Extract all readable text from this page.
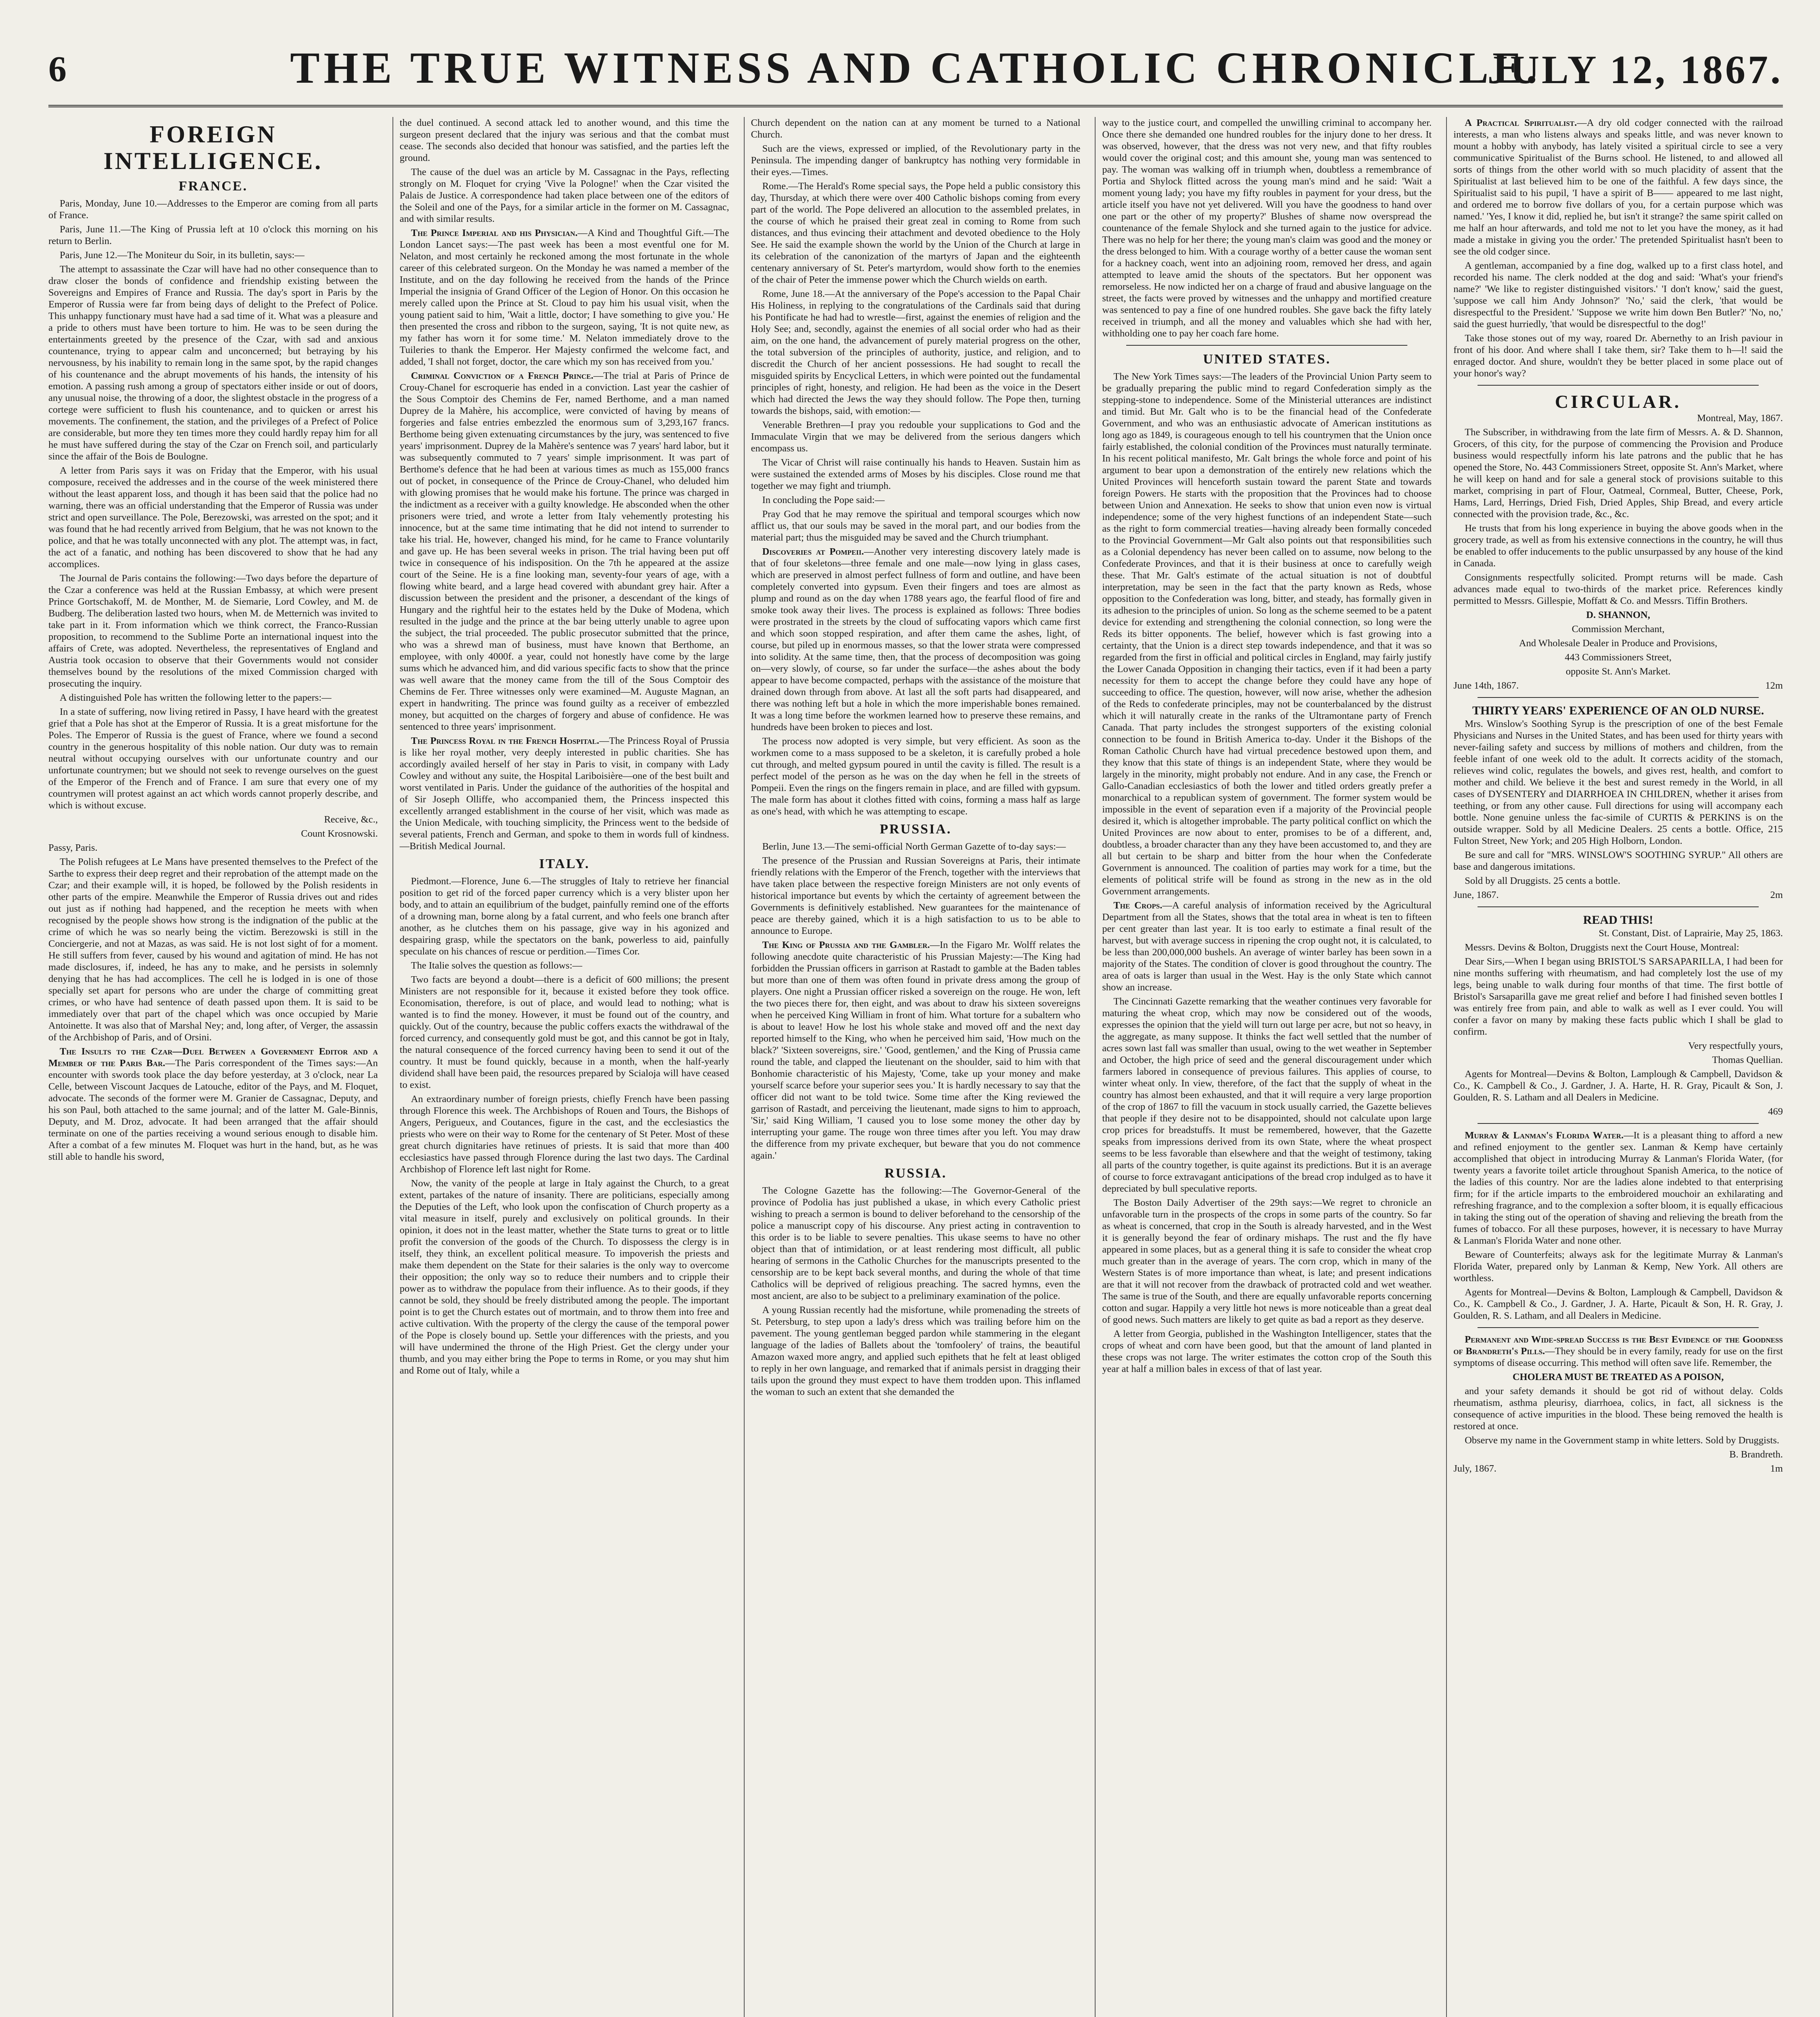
6	THE TRUE WITNESS AND CATHOLIC CHRONICLE.
JULY 12, 1867.
FOREIGN INTELLIGENCE.
FRANCE.

Paris, Monday, June 10.—Addresses to the Emperor are coming from all parts of France.

Paris, June 11.—The King of Prussia left at 10 o'clock this morning on his return to Berlin.

Paris, June 12.—The Moniteur du Soir, in its bulletin, says:—

The attempt to assassinate the Czar will have had no other consequence than to draw closer the bonds of confidence and friendship existing between the Sovereigns and Empires of France and Russia. The day's sport in Paris by the Emperor of Russia were far from being days of delight to the Prefect of Police. This unhappy functionary must have had a sad time of it. What was a pleasure and a pride to others must have been torture to him. He was to be seen during the entertainments greeted by the presence of the Czar, with sad and anxious countenance, trying to appear calm and unconcerned; but betraying by his nervousness, by his inability to remain long in the same spot, by the rapid changes of his countenance and the abrupt movements of his hands, the intensity of his emotion. A passing rush among a group of spectators either inside or out of doors, any unusual noise, the throwing of a door, the slightest obstacle in the progress of a cortege were sufficient to flush his countenance, and to quicken or arrest his movements. The confinement, the station, and the privileges of a Prefect of Police are considerable, but more they ten times more they could hardly repay him for all he must have suffered during the stay of the Czar on French soil, and particularly since the affair of the Bois de Boulogne.

A letter from Paris says it was on Friday that the Emperor, with his usual composure, received the addresses and in the course of the week ministered there without the least apparent loss, and though it has been said that the police had no warning, there was an official understanding that the Emperor of Russia was under strict and open surveillance. The Pole, Berezowski, was arrested on the spot; and it was found that he had recently arrived from Belgium, that he was not known to the police, and that he was totally unconnected with any plot. The attempt was, in fact, the act of a fanatic, and nothing has been discovered to show that he had any accomplices.

The Journal de Paris contains the following:—Two days before the departure of the Czar a conference was held at the Russian Embassy, at which were present Prince Gortschakoff, M. de Monther, M. de Siemarie, Lord Cowley, and M. de Budberg. The deliberation lasted two hours, when M. de Metternich was invited to take part in it. From information which we think correct, the Franco-Russian proposition, to recommend to the Sublime Porte an international inquest into the affairs of Crete, was adopted. Nevertheless, the representatives of England and Austria took occasion to observe that their Governments would not consider themselves bound by the resolutions of the mixed Commission charged with prosecuting the inquiry.

A distinguished Pole has written the following letter to the papers:—

In a state of suffering, now living retired in Passy, I have heard with the greatest grief that a Pole has shot at the Emperor of Russia. It is a great misfortune for the Poles. The Emperor of Russia is the guest of France, where we found a second country in the generous hospitality of this noble nation. Our duty was to remain neutral without occupying ourselves with our unfortunate country and our unfortunate countrymen; but we should not seek to revenge ourselves on the guest of the Emperor of the French and of France. I am sure that every one of my countrymen will protest against an act which words cannot properly describe, and which is without excuse.

Receive, &c.,

Count Krosnowski.

Passy, Paris.

The Polish refugees at Le Mans have presented themselves to the Prefect of the Sarthe to express their deep regret and their reprobation of the attempt made on the Czar; and their example will, it is hoped, be followed by the Polish residents in other parts of the empire. Meanwhile the Emperor of Russia drives out and rides out just as if nothing had happened, and the reception he meets with when recognised by the people shows how strong is the indignation of the public at the crime of which he was so nearly being the victim. Berezowski is still in the Conciergerie, and not at Mazas, as was said. He is not lost sight of for a moment. He still suffers from fever, caused by his wound and agitation of mind. He has not made disclosures, if, indeed, he has any to make, and he persists in solemnly denying that he has had accomplices. The cell he is lodged in is one of those specially set apart for persons who are under the charge of committing great crimes, or who have had sentence of death passed upon them. It is said to be immediately over that part of the chapel which was once occupied by Marie Antoinette. It was also that of Marshal Ney; and, long after, of Verger, the assassin of the Archbishop of Paris, and of Orsini.

The Insults to the Czar—Duel Between a Government Editor and a Member of the Paris Bar.—The Paris correspondent of the Times says:—An encounter with swords took place the day before yesterday, at 3 o'clock, near La Celle, between Viscount Jacques de Latouche, editor of the Pays, and M. Floquet, advocate. The seconds of the former were M. Granier de Cassagnac, Deputy, and his son Paul, both attached to the same journal; and of the latter M. Gale-Binnis, Deputy, and M. Droz, advocate. It had been arranged that the affair should terminate on one of the parties receiving a wound serious enough to disable him. After a combat of a few minutes M. Floquet was hurt in the hand, but, as he was still able to handle his sword,

the duel continued. A second attack led to another wound, and this time the surgeon present declared that the injury was serious and that the combat must cease. The seconds also decided that honour was satisfied, and the parties left the ground.

The cause of the duel was an article by M. Cassagnac in the Pays, reflecting strongly on M. Floquet for crying 'Vive la Pologne!' when the Czar visited the Palais de Justice. A correspondence had taken place between one of the editors of the Soleil and one of the Pays, for a similar article in the former on M. Cassagnac, and with similar results.

The Prince Imperial and his Physician.—A Kind and Thoughtful Gift.—The London Lancet says:—The past week has been a most eventful one for M. Nelaton, and most certainly he reckoned among the most fortunate in the whole career of this celebrated surgeon. On the Monday he was named a member of the Institute, and on the day following he received from the hands of the Prince Imperial the insignia of Grand Officer of the Legion of Honor. On this occasion he merely called upon the Prince at St. Cloud to pay him his usual visit, when the young patient said to him, 'Wait a little, doctor; I have something to give you.' He then presented the cross and ribbon to the surgeon, saying, 'It is not quite new, as my father has worn it for some time.' M. Nelaton immediately drove to the Tuileries to thank the Emperor. Her Majesty confirmed the welcome fact, and added, 'I shall not forget, doctor, the care which my son has received from you.'

Criminal Conviction of a French Prince.—The trial at Paris of Prince de Crouy-Chanel for escroquerie has ended in a conviction. Last year the cashier of the Sous Comptoir des Chemins de Fer, named Berthome, and a man named Duprey de la Mahère, his accomplice, were convicted of having by means of forgeries and false entries embezzled the enormous sum of 3,293,167 francs. Berthome being given extenuating circumstances by the jury, was sentenced to five years' imprisonment. Duprey de la Mahère's sentence was 7 years' hard labor, but it was subsequently commuted to 7 years' simple imprisonment. It was part of Berthome's defence that he had been at various times as much as 155,000 francs out of pocket, in consequence of the Prince de Crouy-Chanel, who deluded him with glowing promises that he would make his fortune. The prince was charged in the indictment as a receiver with a guilty knowledge. He absconded when the other prisoners were tried, and wrote a letter from Italy vehemently protesting his innocence, but at the same time intimating that he did not intend to surrender to take his trial. He, however, changed his mind, for he came to France voluntarily and gave up. He has been several weeks in prison. The trial having been put off twice in consequence of his indisposition. On the 7th he appeared at the assize court of the Seine. He is a fine looking man, seventy-four years of age, with a flowing white beard, and a large head covered with abundant grey hair. After a discussion between the president and the prisoner, a descendant of the kings of Hungary and the rightful heir to the estates held by the Duke of Modena, which resulted in the judge and the prince at the bar being utterly unable to agree upon the subject, the trial proceeded. The public prosecutor submitted that the prince, who was a shrewd man of business, must have known that Berthome, an employee, with only 4000f. a year, could not honestly have come by the large sums which he advanced him, and did various specific facts to show that the prince was well aware that the money came from the till of the Sous Comptoir des Chemins de Fer. Three witnesses only were examined—M. Auguste Magnan, an expert in handwriting. The prince was found guilty as a receiver of embezzled money, but acquitted on the charges of forgery and abuse of confidence. He was sentenced to three years' imprisonment.

The Princess Royal in the French Hospital.—The Princess Royal of Prussia is like her royal mother, very deeply interested in public charities. She has accordingly availed herself of her stay in Paris to visit, in company with Lady Cowley and without any suite, the Hospital Lariboisière—one of the best built and worst ventilated in Paris. Under the guidance of the authorities of the hospital and of Sir Joseph Olliffe, who accompanied them, the Princess inspected this excellently arranged establishment in the course of her visit, which was made as the Union Medicale, with touching simplicity, the Princess went to the bedside of several patients, French and German, and spoke to them in words full of kindness.—British Medical Journal.

ITALY.

Piedmont.—Florence, June 6.—The struggles of Italy to retrieve her financial position to get rid of the forced paper currency which is a very blister upon her body, and to attain an equilibrium of the budget, painfully remind one of the efforts of a drowning man, borne along by a fatal current, and who feels one branch after another, as he clutches them on his passage, give way in his agonized and despairing grasp, while the spectators on the bank, powerless to aid, painfully speculate on his chances of rescue or perdition.—Times Cor.

The Italie solves the question as follows:—

Two facts are beyond a doubt—there is a deficit of 600 millions; the present Ministers are not responsible for it, because it existed before they took office. Economisation, therefore, is out of place, and would lead to nothing; what is wanted is to find the money. However, it must be found out of the country, and quickly. Out of the country, because the public coffers exacts the withdrawal of the forced currency, and consequently gold must be got, and this cannot be got in Italy, the natural consequence of the forced currency having been to send it out of the country. It must be found quickly, because in a month, when the half-yearly dividend shall have been paid, the resources prepared by Scialoja will have ceased to exist.

An extraordinary number of foreign priests, chiefly French have been passing through Florence this week. The Archbishops of Rouen and Tours, the Bishops of Angers, Perigueux, and Coutances, figure in the cast, and the ecclesiastics the priests who were on their way to Rome for the centenary of St Peter. Most of these great church dignitaries have retinues of priests. It is said that more than 400 ecclesiastics have passed through Florence during the last two days. The Cardinal Archbishop of Florence left last night for Rome.

Now, the vanity of the people at large in Italy against the Church, to a great extent, partakes of the nature of insanity. There are politicians, especially among the Deputies of the Left, who look upon the confiscation of Church property as a vital measure in itself, purely and exclusively on political grounds. In their opinion, it does not in the least matter, whether the State turns to great or to little profit the conversion of the goods of the Church. To dispossess the clergy is in itself, they think, an excellent political measure. To impoverish the priests and make them dependent on the State for their salaries is the only way to overcome their opposition; the only way so to reduce their numbers and to cripple their power as to withdraw the populace from their influence. As to their goods, if they cannot be sold, they should be freely distributed among the people. The important point is to get the Church estates out of mortmain, and to throw them into free and active cultivation. With the property of the clergy the cause of the temporal power of the Pope is closely bound up. Settle your differences with the priests, and you will have undermined the throne of the High Priest. Get the clergy under your thumb, and you may either bring the Pope to terms in Rome, or you may shut him and Rome out of Italy, while a

Church dependent on the nation can at any moment be turned to a National Church.

Such are the views, expressed or implied, of the Revolutionary party in the Peninsula. The impending danger of bankruptcy has nothing very formidable in their eyes.—Times.

Rome.—The Herald's Rome special says, the Pope held a public consistory this day, Thursday, at which there were over 400 Catholic bishops coming from every part of the world. The Pope delivered an allocution to the assembled prelates, in the course of which he praised their great zeal in coming to Rome from such distances, and thus evincing their attachment and devoted obedience to the Holy See. He said the example shown the world by the Union of the Church at large in its celebration of the canonization of the martyrs of Japan and the eighteenth centenary anniversary of St. Peter's martyrdom, would show forth to the enemies of the chair of Peter the immense power which the Church wields on earth.

Rome, June 18.—At the anniversary of the Pope's accession to the Papal Chair His Holiness, in replying to the congratulations of the Cardinals said that during his Pontificate he had had to wrestle—first, against the enemies of religion and the Holy See; and, secondly, against the enemies of all social order who had as their aim, on the one hand, the advancement of purely material progress on the other, the total subversion of the principles of authority, justice, and religion, and to discredit the Church of her ancient possessions. He had sought to recall the misguided spirits by Encyclical Letters, in which were pointed out the fundamental principles of right, honesty, and religion. He had been as the voice in the Desert which had directed the Jews the way they should follow. The Pope then, turning towards the bishops, said, with emotion:—

Venerable Brethren—I pray you redouble your supplications to God and the Immaculate Virgin that we may be delivered from the serious dangers which encompass us.

The Vicar of Christ will raise continually his hands to Heaven. Sustain him as were sustained the extended arms of Moses by his disciples. Close round me that together we may fight and triumph.

In concluding the Pope said:—

Pray God that he may remove the spiritual and temporal scourges which now afflict us, that our souls may be saved in the moral part, and our bodies from the material part; thus the misguided may be saved and the Church triumphant.

Discoveries at Pompeii.—Another very interesting discovery lately made is that of four skeletons—three female and one male—now lying in glass cases, which are preserved in almost perfect fullness of form and outline, and have been completely converted into gypsum. Even their fingers and toes are almost as plump and round as on the day when 1788 years ago, the fearful flood of fire and smoke took away their lives. The process is explained as follows: Three bodies were prostrated in the streets by the cloud of suffocating vapors which came first and which soon stopped respiration, and after them came the ashes, light, of course, but piled up in enormous masses, so that the lower strata were compressed into solidity. At the same time, then, that the process of decomposition was going on—very slowly, of course, so far under the surface—the ashes about the body appear to have become compacted, perhaps with the assistance of the moisture that drained down through from above. At last all the soft parts had disappeared, and there was nothing left but a hole in which the more imperishable bones remained. It was a long time before the workmen learned how to preserve these remains, and hundreds have been broken to pieces and lost.

The process now adopted is very simple, but very efficient. As soon as the workmen come to a mass supposed to be a skeleton, it is carefully probed a hole cut through, and melted gypsum poured in until the cavity is filled. The result is a perfect model of the person as he was on the day when he fell in the streets of Pompeii. Even the rings on the fingers remain in place, and are filled with gypsum. The male form has about it clothes fitted with coins, forming a mass half as large as one's head, with which he was attempting to escape.

PRUSSIA.

Berlin, June 13.—The semi-official North German Gazette of to-day says:—

The presence of the Prussian and Russian Sovereigns at Paris, their intimate friendly relations with the Emperor of the French, together with the interviews that have taken place between the respective foreign Ministers are not only events of historical importance but events by which the certainty of agreement between the Governments is definitively established. New guarantees for the maintenance of peace are thereby gained, which it is a high satisfaction to us to be able to announce to Europe.

The King of Prussia and the Gambler.—In the Figaro Mr. Wolff relates the following anecdote quite characteristic of his Prussian Majesty:—The King had forbidden the Prussian officers in garrison at Rastadt to gamble at the Baden tables but more than one of them was often found in private dress among the group of players. One night a Prussian officer risked a sovereign on the rouge. He won, left the two pieces there for, then eight, and was about to draw his sixteen sovereigns when he perceived King William in front of him. What torture for a subaltern who is about to leave! How he lost his whole stake and moved off and the next day reported himself to the King, who when he perceived him said, 'How much on the black?' 'Sixteen sovereigns, sire.' 'Good, gentlemen,' and the King of Prussia came round the table, and clapped the lieutenant on the shoulder, said to him with that Bonhomie characteristic of his Majesty, 'Come, take up your money and make yourself scarce before your superior sees you.' It is hardly necessary to say that the officer did not want to be told twice. Some time after the King reviewed the garrison of Rastadt, and perceiving the lieutenant, made signs to him to approach, 'Sir,' said King William, 'I caused you to lose some money the other day by interrupting your game. The rouge won three times after you left. You may draw the difference from my private exchequer, but beware that you do not commence again.'

RUSSIA.

The Cologne Gazette has the following:—The Governor-General of the province of Podolia has just published a ukase, in which every Catholic priest wishing to preach a sermon is bound to deliver beforehand to the censorship of the police a manuscript copy of his discourse. Any priest acting in contravention to this order is to be liable to severe penalties. This ukase seems to have no other object than that of intimidation, or at least rendering most difficult, all public hearing of sermons in the Catholic Churches for the manuscripts presented to the censorship are to be kept back several months, and during the whole of that time Catholics will be deprived of religious preaching. The sacred hymns, even the most ancient, are also to be subject to a preliminary examination of the police.

A young Russian recently had the misfortune, while promenading the streets of St. Petersburg, to step upon a lady's dress which was trailing before him on the pavement. The young gentleman begged pardon while stammering in the elegant language of the ladies of Ballets about the 'tomfoolery' of trains, the beautiful Amazon waxed more angry, and applied such epithets that he felt at least obliged to reply in her own language, and remarked that if animals persist in dragging their tails upon the ground they must expect to have them trodden upon. This inflamed the woman to such an extent that she demanded the

way to the justice court, and compelled the unwilling criminal to accompany her. Once there she demanded one hundred roubles for the injury done to her dress. It was observed, however, that the dress was not very new, and that fifty roubles would cover the original cost; and this amount she, young man was sentenced to pay. The woman was walking off in triumph when, doubtless a remembrance of Portia and Shylock flitted across the young man's mind and he said: 'Wait a moment young lady; you have my fifty roubles in payment for your dress, but the article itself you have not yet delivered. Will you have the goodness to hand over one part or the other of my property?' Blushes of shame now overspread the countenance of the female Shylock and she turned again to the justice for advice. There was no help for her there; the young man's claim was good and the money or the dress belonged to him. With a courage worthy of a better cause the woman sent for a hackney coach, went into an adjoining room, removed her dress, and again attempted to leave amid the shouts of the spectators. But her opponent was remorseless. He now indicted her on a charge of fraud and abusive language on the street, the facts were proved by witnesses and the unhappy and mortified creature was sentenced to pay a fine of one hundred roubles. She gave back the fifty lately received in triumph, and all the money and valuables which she had with her, withholding one to pay her coach fare home.

UNITED STATES.

The New York Times says:—The leaders of the Provincial Union Party seem to be gradually preparing the public mind to regard Confederation simply as the stepping-stone to independence. Some of the Ministerial utterances are indistinct and timid. But Mr. Galt who is to be the financial head of the Confederate Government, and who was an enthusiastic advocate of American institutions as long ago as 1849, is courageous enough to tell his countrymen that the Union once fairly established, the colonial condition of the Provinces must naturally terminate. In his recent political manifesto, Mr. Galt brings the whole force and point of his argument to bear upon a demonstration of the entirely new relations which the United Provinces will henceforth sustain toward the parent State and towards foreign Powers. He starts with the proposition that the Provinces had to choose between Union and Annexation. He seeks to show that union even now is virtual independence; some of the very highest functions of an independent State—such as the right to form commercial treaties—having already been formally conceded to the Provincial Government—Mr Galt also points out that responsibilities such as a Colonial dependency has never been called on to assume, now belong to the Confederate Provinces, and that it is their business at once to carefully weigh these. That Mr. Galt's estimate of the actual situation is not of doubtful interpretation, may be seen in the fact that the party known as Reds, whose opposition to the Confederation was long, bitter, and steady, has formally given in its adhesion to the principles of union. So long as the scheme seemed to be a patent device for extending and strengthening the colonial connection, so long were the Reds its bitter opponents. The belief, however which is fast growing into a certainty, that the Union is a direct step towards independence, and that it was so regarded from the first in official and political circles in England, may fairly justify the Lower Canada Opposition in changing their tactics, even if it had been a party necessity for them to accept the change before they could have any hope of succeeding to office. The question, however, will now arise, whether the adhesion of the Reds to confederate principles, may not be counterbalanced by the distrust which it will naturally create in the ranks of the Ultramontane party of French Canada. That party includes the strongest supporters of the existing colonial connection to be found in British America to-day. Under it the Bishops of the Roman Catholic Church have had virtual precedence bestowed upon them, and they know that this state of things is an independent State, where they would be largely in the minority, might probably not endure. And in any case, the French or Gallo-Canadian ecclesiastics of both the lower and titled orders greatly prefer a monarchical to a republican system of government. The former system would be impossible in the event of separation even if a majority of the Provincial people desired it, which is altogether improbable. The party political conflict on which the United Provinces are now about to enter, promises to be of a different, and, doubtless, a broader character than any they have been accustomed to, and they are all but certain to be sharp and bitter from the hour when the Confederate Government is announced. The coalition of parties may work for a time, but the elements of political strife will be found as strong in the new as in the old Government arrangements.

The Crops.—A careful analysis of information received by the Agricultural Department from all the States, shows that the total area in wheat is ten to fifteen per cent greater than last year. It is too early to estimate a final result of the harvest, but with average success in ripening the crop ought not, it is calculated, to be less than 200,000,000 bushels. An average of winter barley has been sown in a majority of the States. The condition of clover is good throughout the country. The area of oats is larger than usual in the West. Hay is the only State which cannot show an increase.

The Cincinnati Gazette remarking that the weather continues very favorable for maturing the wheat crop, which may now be considered out of the woods, expresses the opinion that the yield will turn out large per acre, but not so heavy, in the aggregate, as many suppose. It thinks the fact well settled that the number of acres sown last fall was smaller than usual, owing to the wet weather in September and October, the high price of seed and the general discouragement under which farmers labored in consequence of previous failures. This applies of course, to winter wheat only. In view, therefore, of the fact that the supply of wheat in the country has almost been exhausted, and that it will require a very large proportion of the crop of 1867 to fill the vacuum in stock usually carried, the Gazette believes that people if they desire not to be disappointed, should not calculate upon large crop prices for breadstuffs. It must be remembered, however, that the Gazette speaks from impressions derived from its own State, where the wheat prospect seems to be less favorable than elsewhere and that the weight of testimony, taking all parts of the country together, is quite against its predictions. But it is an average of course to force extravagant anticipations of the bread crop indulged as to have it depreciated by bull speculative reports.

The Boston Daily Advertiser of the 29th says:—We regret to chronicle an unfavorable turn in the prospects of the crops in some parts of the country. So far as wheat is concerned, that crop in the South is already harvested, and in the West it is generally beyond the fear of ordinary mishaps. The rust and the fly have appeared in some places, but as a general thing it is safe to consider the wheat crop much greater than in the average of years. The corn crop, which in many of the Western States is of more importance than wheat, is late; and present indications are that it will not recover from the drawback of protracted cold and wet weather. The same is true of the South, and there are equally unfavorable reports concerning cotton and sugar. Happily a very little hot news is more noticeable than a great deal of good news. Such matters are likely to get quite as bad a report as they deserve.

A letter from Georgia, published in the Washington Intelligencer, states that the crops of wheat and corn have been good, but that the amount of land planted in these crops was not large. The writer estimates the cotton crop of the South this year at half a million bales in excess of that of last year.

A Practical Spiritualist.—A dry old codger connected with the railroad interests, a man who listens always and speaks little, and was never known to mount a hobby with anybody, has lately visited a spiritual circle to see a very communicative Spiritualist of the Burns school. He listened, to and allowed all sorts of things from the other world with so much placidity of assent that the Spiritualist at last believed him to be one of the faithful. A few days since, the Spiritualist said to his pupil, 'I have a spirit of B—— appeared to me last night, and ordered me to borrow five dollars of you, for a certain purpose which was named.' 'Yes, I know it did, replied he, but isn't it strange? the same spirit called on me half an hour afterwards, and told me not to let you have the money, as it had made a mistake in giving you the order.' The pretended Spiritualist hasn't been to see the old codger since.

A gentleman, accompanied by a fine dog, walked up to a first class hotel, and recorded his name. The clerk nodded at the dog and said: 'What's your friend's name?' 'We like to register distinguished visitors.' 'I don't know,' said the guest, 'suppose we call him Andy Johnson?' 'No,' said the clerk, 'that would be disrespectful to the President.' 'Suppose we write him down Ben Butler?' 'No, no,' said the guest hurriedly, 'that would be disrespectful to the dog!'

Take those stones out of my way, roared Dr. Abernethy to an Irish paviour in front of his door. And where shall I take them, sir? Take them to h—l! said the enraged doctor. And shure, wouldn't they be better placed in some place out of your honor's way?

CIRCULAR.

Montreal, May, 1867.

The Subscriber, in withdrawing from the late firm of Messrs. A. & D. Shannon, Grocers, of this city, for the purpose of commencing the Provision and Produce business would respectfully inform his late patrons and the public that he has opened the Store, No. 443 Commissioners Street, opposite St. Ann's Market, where he will keep on hand and for sale a general stock of provisions suitable to this market, comprising in part of Flour, Oatmeal, Cornmeal, Butter, Cheese, Pork, Hams, Lard, Herrings, Dried Fish, Dried Apples, Ship Bread, and every article connected with the provision trade, &c., &c.

He trusts that from his long experience in buying the above goods when in the grocery trade, as well as from his extensive connections in the country, he will thus be enabled to offer inducements to the public unsurpassed by any house of the kind in Canada.

Consignments respectfully solicited. Prompt returns will be made. Cash advances made equal to two-thirds of the market price. References kindly permitted to Messrs. Gillespie, Moffatt & Co. and Messrs. Tiffin Brothers.

D. SHANNON,

Commission Merchant,

And Wholesale Dealer in Produce and Provisions,

443 Commissioners Street,

opposite St. Ann's Market.

June 14th, 1867.	12m

THIRTY YEARS' EXPERIENCE OF AN OLD NURSE.

Mrs. Winslow's Soothing Syrup is the prescription of one of the best Female Physicians and Nurses in the United States, and has been used for thirty years with never-failing safety and success by millions of mothers and children, from the feeble infant of one week old to the adult. It corrects acidity of the stomach, relieves wind colic, regulates the bowels, and gives rest, health, and comfort to mother and child. We believe it the best and surest remedy in the World, in all cases of DYSENTERY and DIARRHOEA IN CHILDREN, whether it arises from teething, or from any other cause. Full directions for using will accompany each bottle. None genuine unless the fac-simile of CURTIS & PERKINS is on the outside wrapper. Sold by all Medicine Dealers. 25 cents a bottle. Office, 215 Fulton Street, New York; and 205 High Holborn, London.

Be sure and call for "MRS. WINSLOW'S SOOTHING SYRUP." All others are base and dangerous imitations.

Sold by all Druggists. 25 cents a bottle.

June, 1867.	2m

READ THIS!

St. Constant, Dist. of Laprairie, May 25, 1863.

Messrs. Devins & Bolton, Druggists next the Court House, Montreal:

Dear Sirs,—When I began using BRISTOL'S SARSAPARILLA, I had been for nine months suffering with rheumatism, and had completely lost the use of my legs, being unable to walk during four months of that time. The first bottle of Bristol's Sarsaparilla gave me great relief and before I had finished seven bottles I was entirely free from pain, and able to walk as well as I ever could. You will confer a favor on many by making these facts public which I shall be glad to confirm.

Very respectfully yours,

Thomas Quellian.

Agents for Montreal—Devins & Bolton, Lamplough & Campbell, Davidson & Co., K. Campbell & Co., J. Gardner, J. A. Harte, H. R. Gray, Picault & Son, J. Goulden, R. S. Latham and all Dealers in Medicine.

469

Murray & Lanman's Florida Water.—It is a pleasant thing to afford a new and refined enjoyment to the gentler sex. Lanman & Kemp have certainly accomplished that object in introducing Murray & Lanman's Florida Water, (for twenty years a favorite toilet article throughout Spanish America, to the notice of the ladies of this country. Nor are the ladies alone indebted to that enterprising firm; for if the article imparts to the embroidered mouchoir an exhilarating and refreshing fragrance, and to the complexion a softer bloom, it is equally efficacious in taking the sting out of the operation of shaving and relieving the breath from the fumes of tobacco. For all these purposes, however, it is necessary to have Murray & Lanman's Florida Water and none other.

Beware of Counterfeits; always ask for the legitimate Murray & Lanman's Florida Water, prepared only by Lanman & Kemp, New York. All others are worthless.

Agents for Montreal—Devins & Bolton, Lamplough & Campbell, Davidson & Co., K. Campbell & Co., J. Gardner, J. A. Harte, Picault & Son, H. R. Gray, J. Goulden, R. S. Latham, and all Dealers in Medicine.

Permanent and Wide-spread Success is the Best Evidence of the Goodness of Brandreth's Pills.—They should be in every family, ready for use on the first symptoms of disease occurring. This method will often save life. Remember, the

CHOLERA MUST BE TREATED AS A POISON,

and your safety demands it should be got rid of without delay. Colds rheumatism, asthma pleurisy, diarrhoea, colics, in fact, all sickness is the consequence of active impurities in the blood. These being removed the health is restored at once.

Observe my name in the Government stamp in white letters. Sold by Druggists.

B. Brandreth.

July, 1867.	1m
